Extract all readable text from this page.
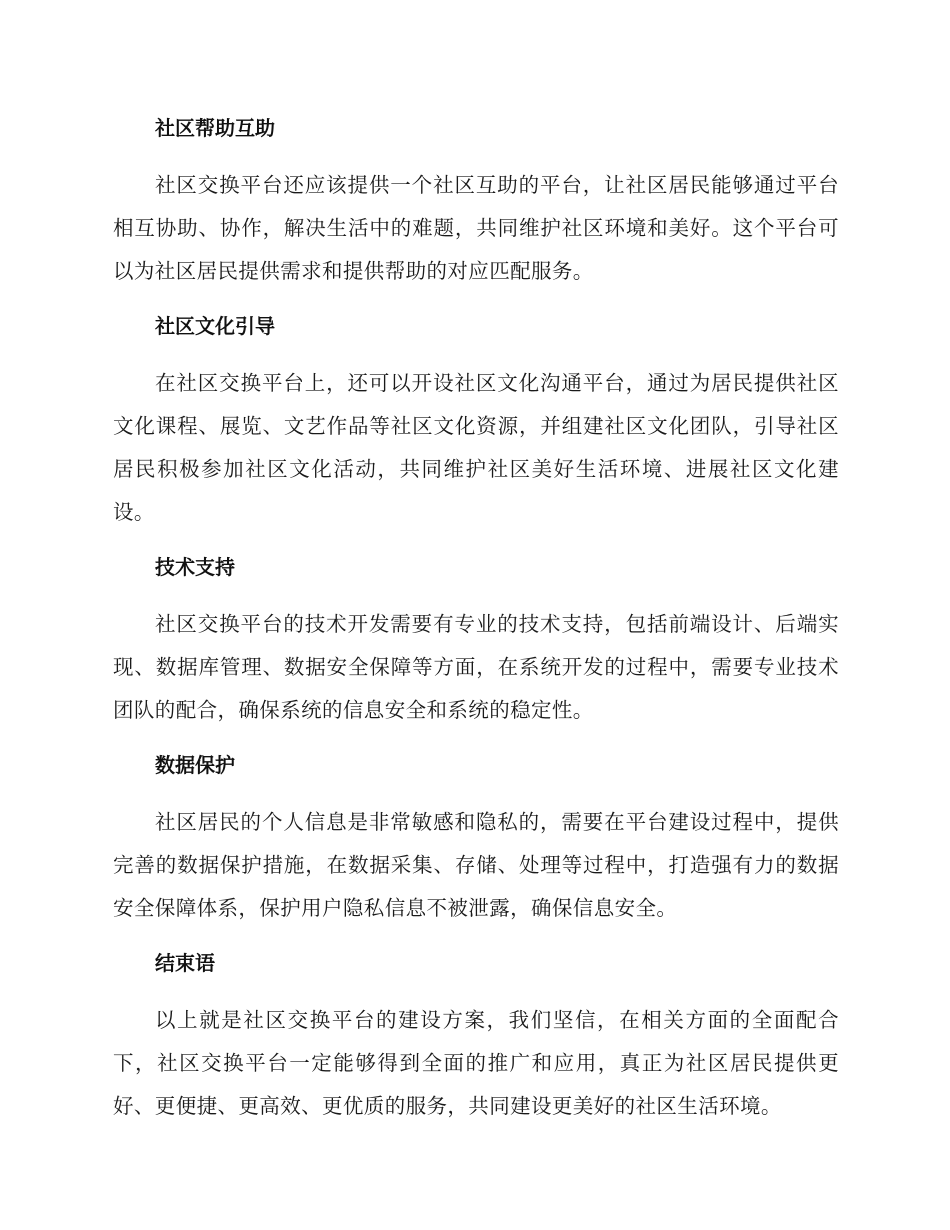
社区帮助互助

社区交换平台还应该提供一个社区互助的平台，让社区居民能够通过平台相互协助、协作，解决生活中的难题，共同维护社区环境和美好。这个平台可以为社区居民提供需求和提供帮助的对应匹配服务。

社区文化引导

在社区交换平台上，还可以开设社区文化沟通平台，通过为居民提供社区文化课程、展览、文艺作品等社区文化资源，并组建社区文化团队，引导社区居民积极参加社区文化活动，共同维护社区美好生活环境、进展社区文化建设。

技术支持

社区交换平台的技术开发需要有专业的技术支持，包括前端设计、后端实现、数据库管理、数据安全保障等方面，在系统开发的过程中，需要专业技术团队的配合，确保系统的信息安全和系统的稳定性。

数据保护

社区居民的个人信息是非常敏感和隐私的，需要在平台建设过程中，提供完善的数据保护措施，在数据采集、存储、处理等过程中，打造强有力的数据安全保障体系，保护用户隐私信息不被泄露，确保信息安全。

结束语

以上就是社区交换平台的建设方案，我们坚信，在相关方面的全面配合下，社区交换平台一定能够得到全面的推广和应用，真正为社区居民提供更好、更便捷、更高效、更优质的服务，共同建设更美好的社区生活环境。
